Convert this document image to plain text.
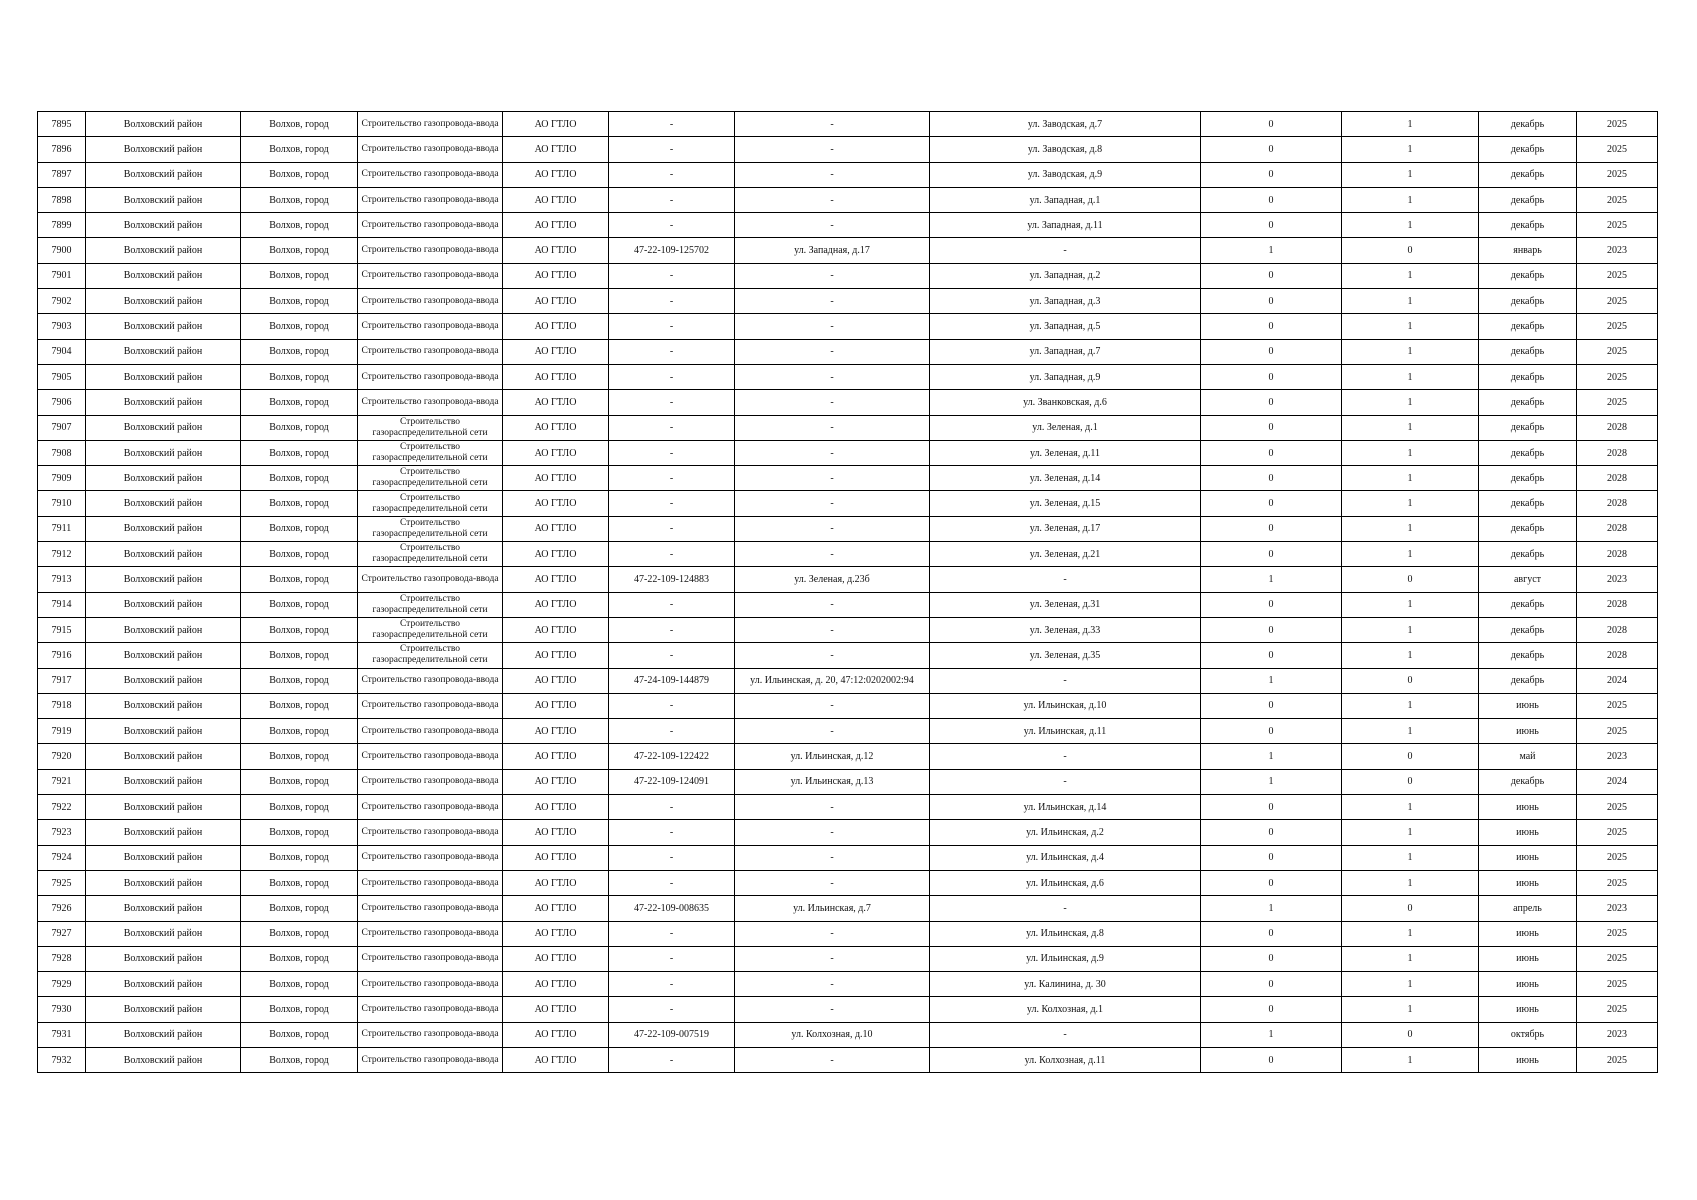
7895	Волховский район	Волхов, город	Строительство газопровода-ввода	АО ГТЛО	-	-	ул. Заводская, д.7	0	1	декабрь	2025
7896	Волховский район	Волхов, город	Строительство газопровода-ввода	АО ГТЛО	-	-	ул. Заводская, д.8	0	1	декабрь	2025
7897	Волховский район	Волхов, город	Строительство газопровода-ввода	АО ГТЛО	-	-	ул. Заводская, д.9	0	1	декабрь	2025
7898	Волховский район	Волхов, город	Строительство газопровода-ввода	АО ГТЛО	-	-	ул. Западная, д.1	0	1	декабрь	2025
7899	Волховский район	Волхов, город	Строительство газопровода-ввода	АО ГТЛО	-	-	ул. Западная, д.11	0	1	декабрь	2025
7900	Волховский район	Волхов, город	Строительство газопровода-ввода	АО ГТЛО	47-22-109-125702	ул. Западная, д.17	-	1	0	январь	2023
7901	Волховский район	Волхов, город	Строительство газопровода-ввода	АО ГТЛО	-	-	ул. Западная, д.2	0	1	декабрь	2025
7902	Волховский район	Волхов, город	Строительство газопровода-ввода	АО ГТЛО	-	-	ул. Западная, д.3	0	1	декабрь	2025
7903	Волховский район	Волхов, город	Строительство газопровода-ввода	АО ГТЛО	-	-	ул. Западная, д.5	0	1	декабрь	2025
7904	Волховский район	Волхов, город	Строительство газопровода-ввода	АО ГТЛО	-	-	ул. Западная, д.7	0	1	декабрь	2025
7905	Волховский район	Волхов, город	Строительство газопровода-ввода	АО ГТЛО	-	-	ул. Западная, д.9	0	1	декабрь	2025
7906	Волховский район	Волхов, город	Строительство газопровода-ввода	АО ГТЛО	-	-	ул. Званковская, д.6	0	1	декабрь	2025
7907	Волховский район	Волхов, город	Строительство газораспределительной сети	АО ГТЛО	-	-	ул. Зеленая, д.1	0	1	декабрь	2028
7908	Волховский район	Волхов, город	Строительство газораспределительной сети	АО ГТЛО	-	-	ул. Зеленая, д.11	0	1	декабрь	2028
7909	Волховский район	Волхов, город	Строительство газораспределительной сети	АО ГТЛО	-	-	ул. Зеленая, д.14	0	1	декабрь	2028
7910	Волховский район	Волхов, город	Строительство газораспределительной сети	АО ГТЛО	-	-	ул. Зеленая, д.15	0	1	декабрь	2028
7911	Волховский район	Волхов, город	Строительство газораспределительной сети	АО ГТЛО	-	-	ул. Зеленая, д.17	0	1	декабрь	2028
7912	Волховский район	Волхов, город	Строительство газораспределительной сети	АО ГТЛО	-	-	ул. Зеленая, д.21	0	1	декабрь	2028
7913	Волховский район	Волхов, город	Строительство газопровода-ввода	АО ГТЛО	47-22-109-124883	ул. Зеленая, д.23б	-	1	0	август	2023
7914	Волховский район	Волхов, город	Строительство газораспределительной сети	АО ГТЛО	-	-	ул. Зеленая, д.31	0	1	декабрь	2028
7915	Волховский район	Волхов, город	Строительство газораспределительной сети	АО ГТЛО	-	-	ул. Зеленая, д.33	0	1	декабрь	2028
7916	Волховский район	Волхов, город	Строительство газораспределительной сети	АО ГТЛО	-	-	ул. Зеленая, д.35	0	1	декабрь	2028
7917	Волховский район	Волхов, город	Строительство газопровода-ввода	АО ГТЛО	47-24-109-144879	ул. Ильинская, д. 20, 47:12:0202002:94	-	1	0	декабрь	2024
7918	Волховский район	Волхов, город	Строительство газопровода-ввода	АО ГТЛО	-	-	ул. Ильинская, д.10	0	1	июнь	2025
7919	Волховский район	Волхов, город	Строительство газопровода-ввода	АО ГТЛО	-	-	ул. Ильинская, д.11	0	1	июнь	2025
7920	Волховский район	Волхов, город	Строительство газопровода-ввода	АО ГТЛО	47-22-109-122422	ул. Ильинская, д.12	-	1	0	май	2023
7921	Волховский район	Волхов, город	Строительство газопровода-ввода	АО ГТЛО	47-22-109-124091	ул. Ильинская, д.13	-	1	0	декабрь	2024
7922	Волховский район	Волхов, город	Строительство газопровода-ввода	АО ГТЛО	-	-	ул. Ильинская, д.14	0	1	июнь	2025
7923	Волховский район	Волхов, город	Строительство газопровода-ввода	АО ГТЛО	-	-	ул. Ильинская, д.2	0	1	июнь	2025
7924	Волховский район	Волхов, город	Строительство газопровода-ввода	АО ГТЛО	-	-	ул. Ильинская, д.4	0	1	июнь	2025
7925	Волховский район	Волхов, город	Строительство газопровода-ввода	АО ГТЛО	-	-	ул. Ильинская, д.6	0	1	июнь	2025
7926	Волховский район	Волхов, город	Строительство газопровода-ввода	АО ГТЛО	47-22-109-008635	ул. Ильинская, д.7	-	1	0	апрель	2023
7927	Волховский район	Волхов, город	Строительство газопровода-ввода	АО ГТЛО	-	-	ул. Ильинская, д.8	0	1	июнь	2025
7928	Волховский район	Волхов, город	Строительство газопровода-ввода	АО ГТЛО	-	-	ул. Ильинская, д.9	0	1	июнь	2025
7929	Волховский район	Волхов, город	Строительство газопровода-ввода	АО ГТЛО	-	-	ул. Калинина, д. 30	0	1	июнь	2025
7930	Волховский район	Волхов, город	Строительство газопровода-ввода	АО ГТЛО	-	-	ул. Колхозная, д.1	0	1	июнь	2025
7931	Волховский район	Волхов, город	Строительство газопровода-ввода	АО ГТЛО	47-22-109-007519	ул. Колхозная, д.10	-	1	0	октябрь	2023
7932	Волховский район	Волхов, город	Строительство газопровода-ввода	АО ГТЛО	-	-	ул. Колхозная, д.11	0	1	июнь	2025
